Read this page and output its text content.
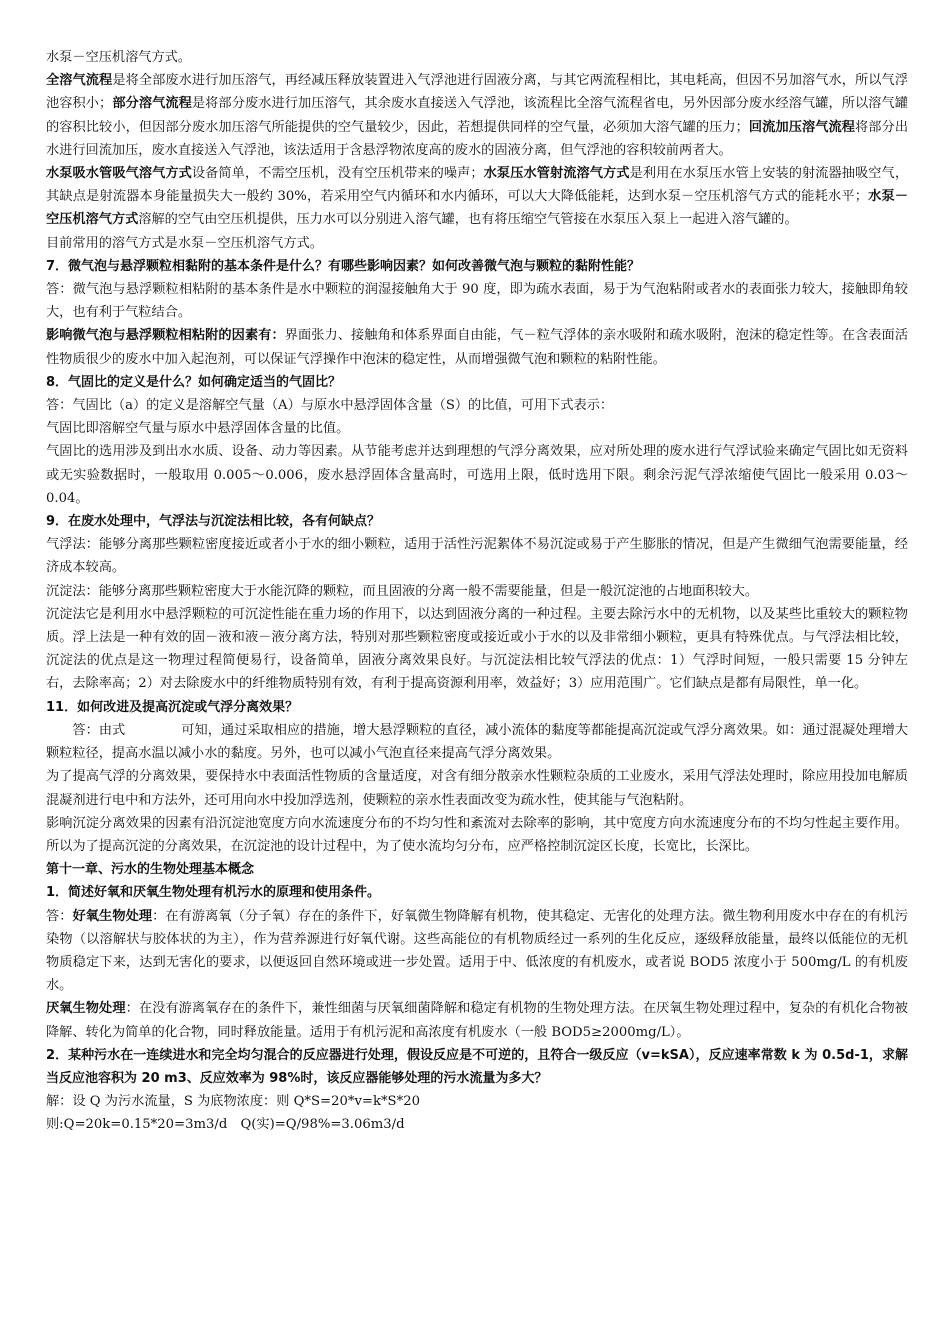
水泵－空压机溶气方式。
全溶气流程是将全部废水进行加压溶气，再经减压释放装置进入气浮池进行固液分离，与其它两流程相比，其电耗高，但因不另加溶气水，所以气浮池容积小；部分溶气流程是将部分废水进行加压溶气，其余废水直接送入气浮池，该流程比全溶气流程省电，另外因部分废水经溶气罐，所以溶气罐的容积比较小，但因部分废水加压溶气所能提供的空气量较少，因此，若想提供同样的空气量，必须加大溶气罐的压力；回流加压溶气流程将部分出水进行回流加压，废水直接送入气浮池，该法适用于含悬浮物浓度高的废水的固液分离，但气浮池的容积较前两者大。
水泵吸水管吸气溶气方式设备简单，不需空压机，没有空压机带来的噪声；水泵压水管射流溶气方式是利用在水泵压水管上安装的射流器抽吸空气，其缺点是射流器本身能量损失大一般约 30%，若采用空气内循环和水内循环，可以大大降低能耗，达到水泵－空压机溶气方式的能耗水平；水泵－空压机溶气方式溶解的空气由空压机提供，压力水可以分别进入溶气罐，也有将压缩空气管接在水泵压入泵上一起进入溶气罐的。
目前常用的溶气方式是水泵－空压机溶气方式。
7．微气泡与悬浮颗粒相黏附的基本条件是什么？有哪些影响因素？如何改善微气泡与颗粒的黏附性能？
答：微气泡与悬浮颗粒相粘附的基本条件是水中颗粒的润湿接触角大于 90 度，即为疏水表面，易于为气泡粘附或者水的表面张力较大，接触即角较大，也有利于气粒结合。
影响微气泡与悬浮颗粒相粘附的因素有：界面张力、接触角和体系界面自由能，气－粒气浮体的亲水吸附和疏水吸附，泡沫的稳定性等。在含表面活性物质很少的废水中加入起泡剂，可以保证气浮操作中泡沫的稳定性，从而增强微气泡和颗粒的粘附性能。
8．气固比的定义是什么？如何确定适当的气固比？
答：气固比（a）的定义是溶解空气量（A）与原水中悬浮固体含量（S）的比值，可用下式表示：
气固比即溶解空气量与原水中悬浮固体含量的比值。
气固比的选用涉及到出水水质、设备、动力等因素。从节能考虑并达到理想的气浮分离效果，应对所处理的废水进行气浮试验来确定气固比如无资料或无实验数据时，一般取用 0.005～0.006，废水悬浮固体含量高时，可选用上限，低时选用下限。剩余污泥气浮浓缩使气固比一般采用 0.03～0.04。
9．在废水处理中，气浮法与沉淀法相比较，各有何缺点？
气浮法：能够分离那些颗粒密度接近或者小于水的细小颗粒，适用于活性污泥絮体不易沉淀或易于产生膨胀的情况，但是产生微细气泡需要能量，经济成本较高。
沉淀法：能够分离那些颗粒密度大于水能沉降的颗粒，而且固液的分离一般不需要能量，但是一般沉淀池的占地面积较大。
沉淀法它是利用水中悬浮颗粒的可沉淀性能在重力场的作用下，以达到固液分离的一种过程。主要去除污水中的无机物，以及某些比重较大的颗粒物质。浮上法是一种有效的固－液和液－液分离方法，特别对那些颗粒密度或接近或小于水的以及非常细小颗粒，更具有特殊优点。与气浮法相比较，沉淀法的优点是这一物理过程简便易行，设备简单，固液分离效果良好。与沉淀法相比较气浮法的优点：1）气浮时间短，一般只需要 15 分钟左右，去除率高；2）对去除废水中的纤维物质特别有效，有利于提高资源利用率，效益好；3）应用范围广。它们缺点是都有局限性，单一化。
11．如何改进及提高沉淀或气浮分离效果？
答：由式	可知，通过采取相应的措施，增大悬浮颗粒的直径，减小流体的黏度等都能提高沉淀或气浮分离效果。如：通过混凝处理增大颗粒粒径，提高水温以减小水的黏度。另外，也可以减小气泡直径来提高气浮分离效果。
为了提高气浮的分离效果，要保持水中表面活性物质的含量适度，对含有细分散亲水性颗粒杂质的工业废水，采用气浮法处理时，除应用投加电解质混凝剂进行电中和方法外，还可用向水中投加浮选剂，使颗粒的亲水性表面改变为疏水性，使其能与气泡粘附。
影响沉淀分离效果的因素有沿沉淀池宽度方向水流速度分布的不均匀性和紊流对去除率的影响，其中宽度方向水流速度分布的不均匀性起主要作用。所以为了提高沉淀的分离效果，在沉淀池的设计过程中，为了使水流均匀分布，应严格控制沉淀区长度，长宽比，长深比。
第十一章、污水的生物处理基本概念
1．简述好氧和厌氧生物处理有机污水的原理和使用条件。
答：好氧生物处理：在有游离氧（分子氧）存在的条件下，好氧微生物降解有机物，使其稳定、无害化的处理方法。微生物利用废水中存在的有机污染物（以溶解状与胶体状的为主），作为营养源进行好氧代谢。这些高能位的有机物质经过一系列的生化反应，逐级释放能量，最终以低能位的无机物质稳定下来，达到无害化的要求，以便返回自然环境或进一步处置。适用于中、低浓度的有机废水，或者说 BOD5 浓度小于 500mg/L 的有机废水。
厌氧生物处理：在没有游离氧存在的条件下，兼性细菌与厌氧细菌降解和稳定有机物的生物处理方法。在厌氧生物处理过程中，复杂的有机化合物被降解、转化为简单的化合物，同时释放能量。适用于有机污泥和高浓度有机废水（一般 BOD5≥2000mg/L）。
2．某种污水在一连续进水和完全均匀混合的反应器进行处理，假设反应是不可逆的，且符合一级反应（v=kSA），反应速率常数 k 为 0.5d-1，求解当反应池容积为 20 m3、反应效率为 98%时，该反应器能够处理的污水流量为多大？
解：设 Q 为污水流量，S 为底物浓度：则 Q*S=20*v=k*S*20
则:Q=20k=0.15*20=3m3/d　Q(实)=Q/98%=3.06m3/d
